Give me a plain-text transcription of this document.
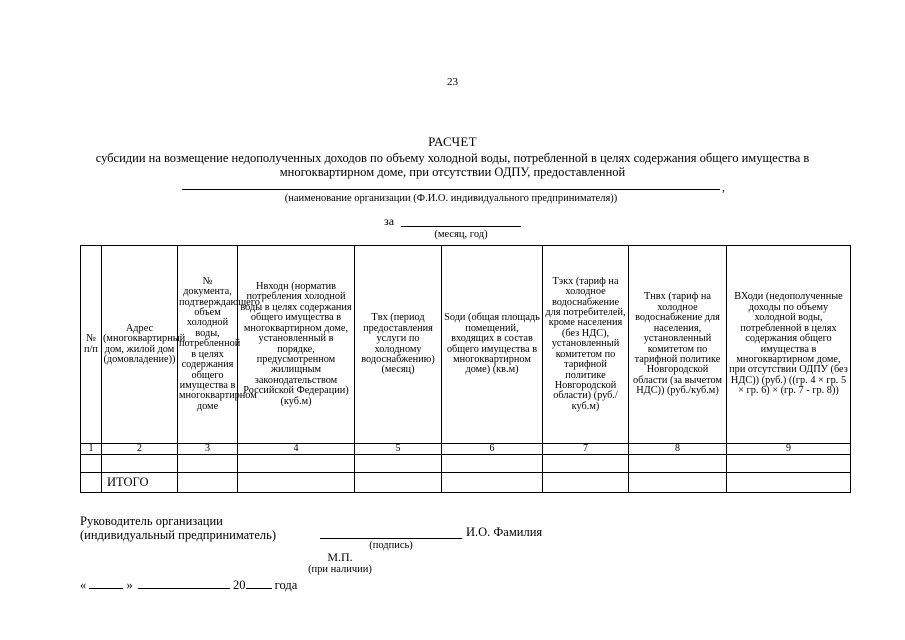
23
РАСЧЕТ
субсидии на возмещение недополученных доходов по объему холодной воды, потребленной в целях содержания общего имущества в многоквартирном доме, при отсутствии ОДПУ, предоставленной
,
(наименование организации (Ф.И.О. индивидуального предпринимателя))
за
(месяц, год)
№ п/п	Адрес (многоквартирный дом, жилой дом (домовладение))	№ документа, подтверждающего объем холодной воды, потребленной в целях содержания общего имущества в многоквартирном доме	Hвходн (норматив потребления холодной воды в целях содержания общего имущества в многоквартирном доме, установленный в порядке, предусмотренном жилищным законодательством Российской Федерации) (куб.м)	Tвх (период предоставления услуги по холодному водоснабжению) (месяц)	Sоди (общая площадь помещений, входящих в состав общего имущества в многоквартирном доме) (кв.м)	Tэкх (тариф на холодное водоснабжение для потребителей, кроме населения (без НДС), установленный комитетом по тарифной политике Новгородской области) (руб./куб.м)	Tнвх (тариф на холодное водоснабжение для населения, установленный комитетом по тарифной политике Новгородской области (за вычетом НДС)) (руб./куб.м)	ВХоди (недополученные доходы по объему холодной воды, потребленной в целях содержания общего имущества в многоквартирном доме, при отсутствии ОДПУ (без НДС)) (руб.) ((гр. 4 × гр. 5 × гр. 6) × (гр. 7 - гр. 8))
1	2	3	4	5	6	7	8	9

	ИТОГО							
Руководитель организации
(индивидуальный предприниматель)	И.О. Фамилия
(подпись)
М.П.
(при наличии)
«	»	20 года
